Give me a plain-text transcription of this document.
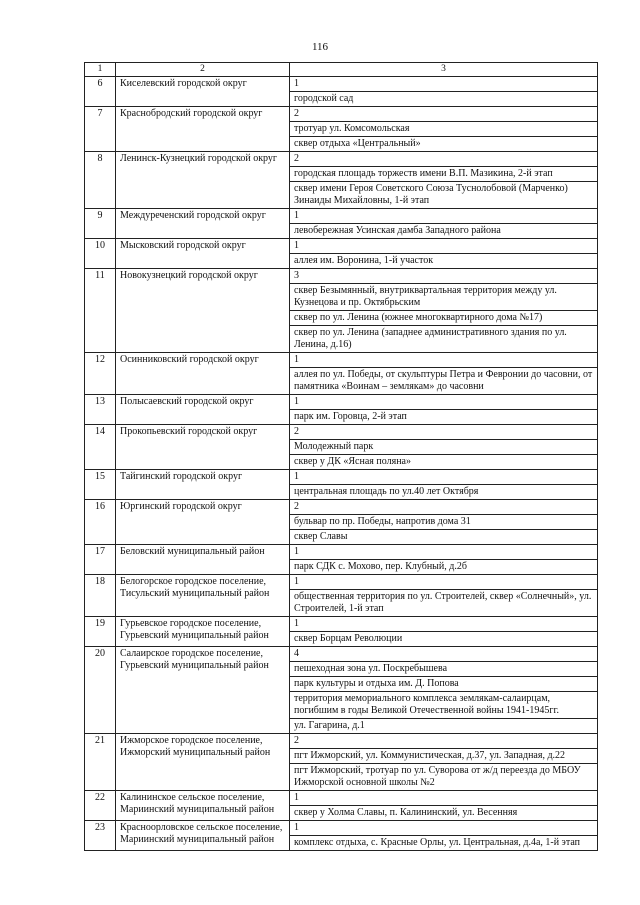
116
1	2	3
6	Киселевский городской округ	1
		городской сад
7	Краснобродский городской округ	2
		тротуар ул. Комсомольская
		сквер отдыха «Центральный»
8	Ленинск-Кузнецкий городской округ	2
		городская площадь торжеств имени В.П. Мазикина, 2-й этап
		сквер имени Героя Советского Союза Туснолобовой (Марченко) Зинаиды Михайловны, 1-й этап
9	Междуреченский городской округ	1
		левобережная Усинская дамба Западного района
10	Мысковский городской округ	1
		аллея им. Воронина, 1-й участок
11	Новокузнецкий городской округ	3
		сквер Безымянный, внутриквартальная территория между ул. Кузнецова и пр. Октябрьским
		сквер по ул. Ленина (южнее многоквартирного дома №17)
		сквер по ул. Ленина (западнее административного здания по ул. Ленина, д.16)
12	Осинниковский городской округ	1
		аллея по ул. Победы, от скульптуры Петра и Февронии до часовни, от памятника «Воинам – землякам» до часовни
13	Полысаевский городской округ	1
		парк им. Горовца, 2-й этап
14	Прокопьевский городской округ	2
		Молодежный парк
		сквер у ДК «Ясная поляна»
15	Тайгинский городской округ	1
		центральная площадь по ул.40 лет Октября
16	Юргинский городской округ	2
		бульвар по пр. Победы, напротив дома 31
		сквер Славы
17	Беловский муниципальный район	1
		парк СДК с. Мохово, пер. Клубный, д.2б
18	Белогорское городское поселение, Тисульский муниципальный район	1
		общественная территория по ул. Строителей, сквер «Солнечный», ул. Строителей, 1-й этап
19	Гурьевское городское поселение, Гурьевский муниципальный район	1
		сквер Борцам Революции
20	Салаирское городское поселение, Гурьевский муниципальный район	4
		пешеходная зона ул. Поскребышева
		парк культуры и отдыха им. Д. Попова
		территория мемориального комплекса землякам-салаирцам, погибшим в годы Великой Отечественной войны 1941-1945гг.
		ул. Гагарина, д.1
21	Ижморское городское поселение, Ижморский муниципальный район	2
		пгт Ижморский, ул. Коммунистическая, д.37, ул. Западная, д.22
		пгт Ижморский, тротуар по ул. Суворова от ж/д переезда до МБОУ Ижморской основной школы №2
22	Калининское сельское поселение, Мариинский муниципальный район	1
		сквер у Холма Славы, п. Калининский, ул. Весенняя
23	Красноорловское сельское поселение, Мариинский муниципальный район	1
		комплекс отдыха, с. Красные Орлы, ул. Центральная, д.4а, 1-й этап
